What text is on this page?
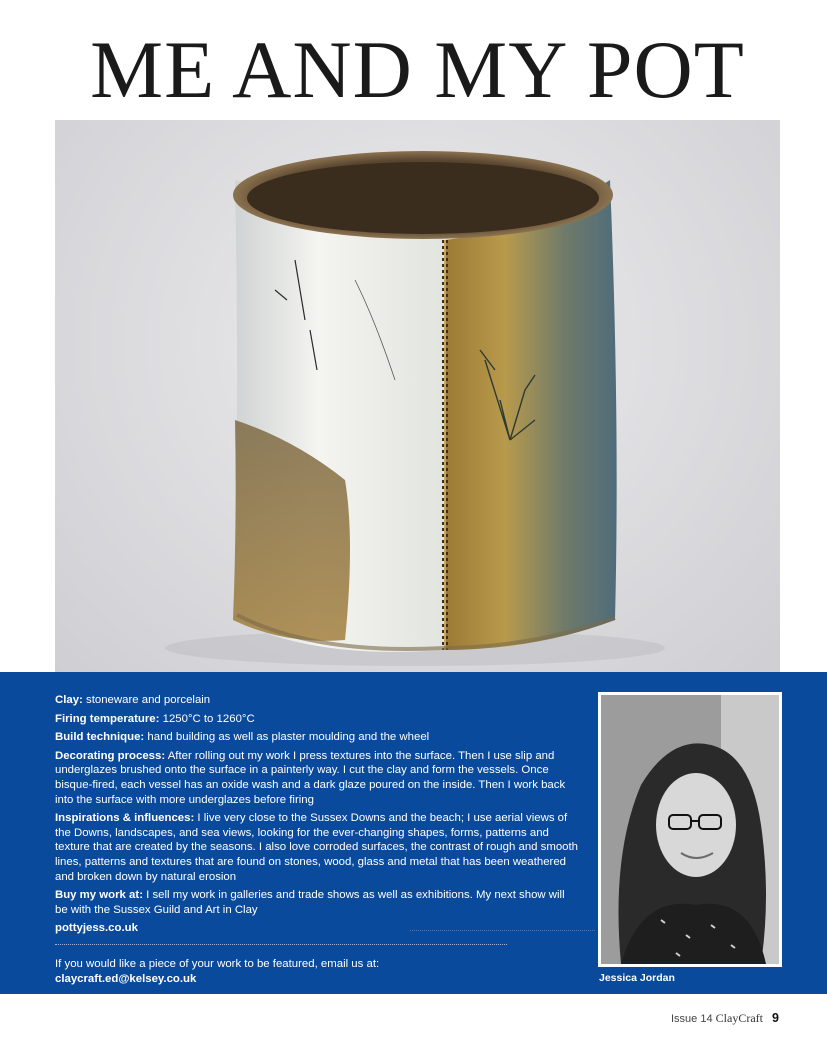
ME AND MY POT

Clay: stoneware and porcelain

Firing temperature: 1250°C to 1260°C

Build technique: hand building as well as plaster moulding and the wheel

Decorating process: After rolling out my work I press textures into the surface. Then I use slip and underglazes brushed onto the surface in a painterly way. I cut the clay and form the vessels. Once bisque-fired, each vessel has an oxide wash and a dark glaze poured on the inside. Then I work back into the surface with more underglazes before firing

Inspirations & influences: I live very close to the Sussex Downs and the beach; I use aerial views of the Downs, landscapes, and sea views, looking for the ever-changing shapes, forms, patterns and texture that are created by the seasons. I also love corroded surfaces, the contrast of rough and smooth lines, patterns and textures that are found on stones, wood, glass and metal that has been weathered and broken down by natural erosion

Buy my work at: I sell my work in galleries and trade shows as well as exhibitions. My next show will be with the Sussex Guild and Art in Clay

pottyjess.co.uk

If you would like a piece of your work to be featured, email us at:
claycraft.ed@kelsey.co.uk	Jessica Jordan
Issue 14 ClayCraft 9
